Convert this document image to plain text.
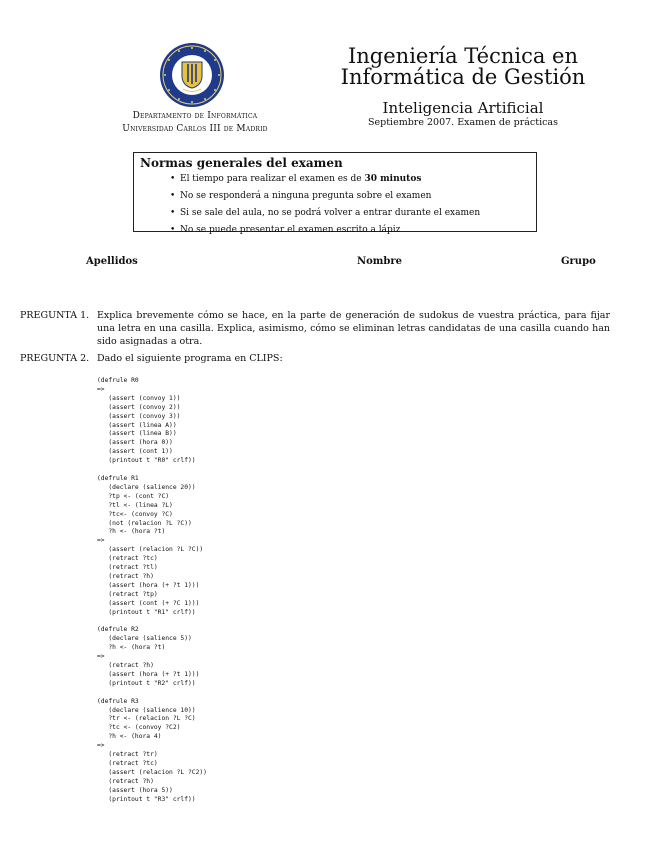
Departamento de Informática
Universidad Carlos III de Madrid
Ingeniería Técnica en
Informática de Gestión
Inteligencia Artificial
Septiembre 2007. Examen de prácticas
Normas generales del examen
• El tiempo para realizar el examen es de 30 minutos
• No se responderá a ninguna pregunta sobre el examen
• Si se sale del aula, no se podrá volver a entrar durante el examen
• No se puede presentar el examen escrito a lápiz
Apellidos	Nombre	Grupo
PREGUNTA 1. Explica brevemente cómo se hace, en la parte de generación de sudokus de vuestra práctica, para fijar una letra en una casilla. Explica, asimismo, cómo se eliminan letras candidatas de una casilla cuando han sido asignadas a otra.
PREGUNTA 2. Dado el siguiente programa en CLIPS:
(defrule R0
=>
(assert (convoy 1))
(assert (convoy 2))
(assert (convoy 3))
(assert (linea A))
(assert (linea B))
(assert (hora 0))
(assert (cont 1))
(printout t "R0" crlf))

(defrule R1
(declare (salience 20))
?tp <- (cont ?C)
?tl <- (linea ?L)
?tc<- (convoy ?C)
(not (relacion ?L ?C))
?h <- (hora ?t)
=>
(assert (relacion ?L ?C))
(retract ?tc)
(retract ?tl)
(retract ?h)
(assert (hora (+ ?t 1)))
(retract ?tp)
(assert (cont (+ ?C 1)))
(printout t "R1" crlf))

(defrule R2
(declare (salience 5))
?h <- (hora ?t)
=>
(retract ?h)
(assert (hora (+ ?t 1)))
(printout t "R2" crlf))

(defrule R3
(declare (salience 10))
?tr <- (relacion ?L ?C)
?tc <- (convoy ?C2)
?h <- (hora 4)
=>
(retract ?tr)
(retract ?tc)
(assert (relacion ?L ?C2))
(retract ?h)
(assert (hora 5))
(printout t "R3" crlf))
